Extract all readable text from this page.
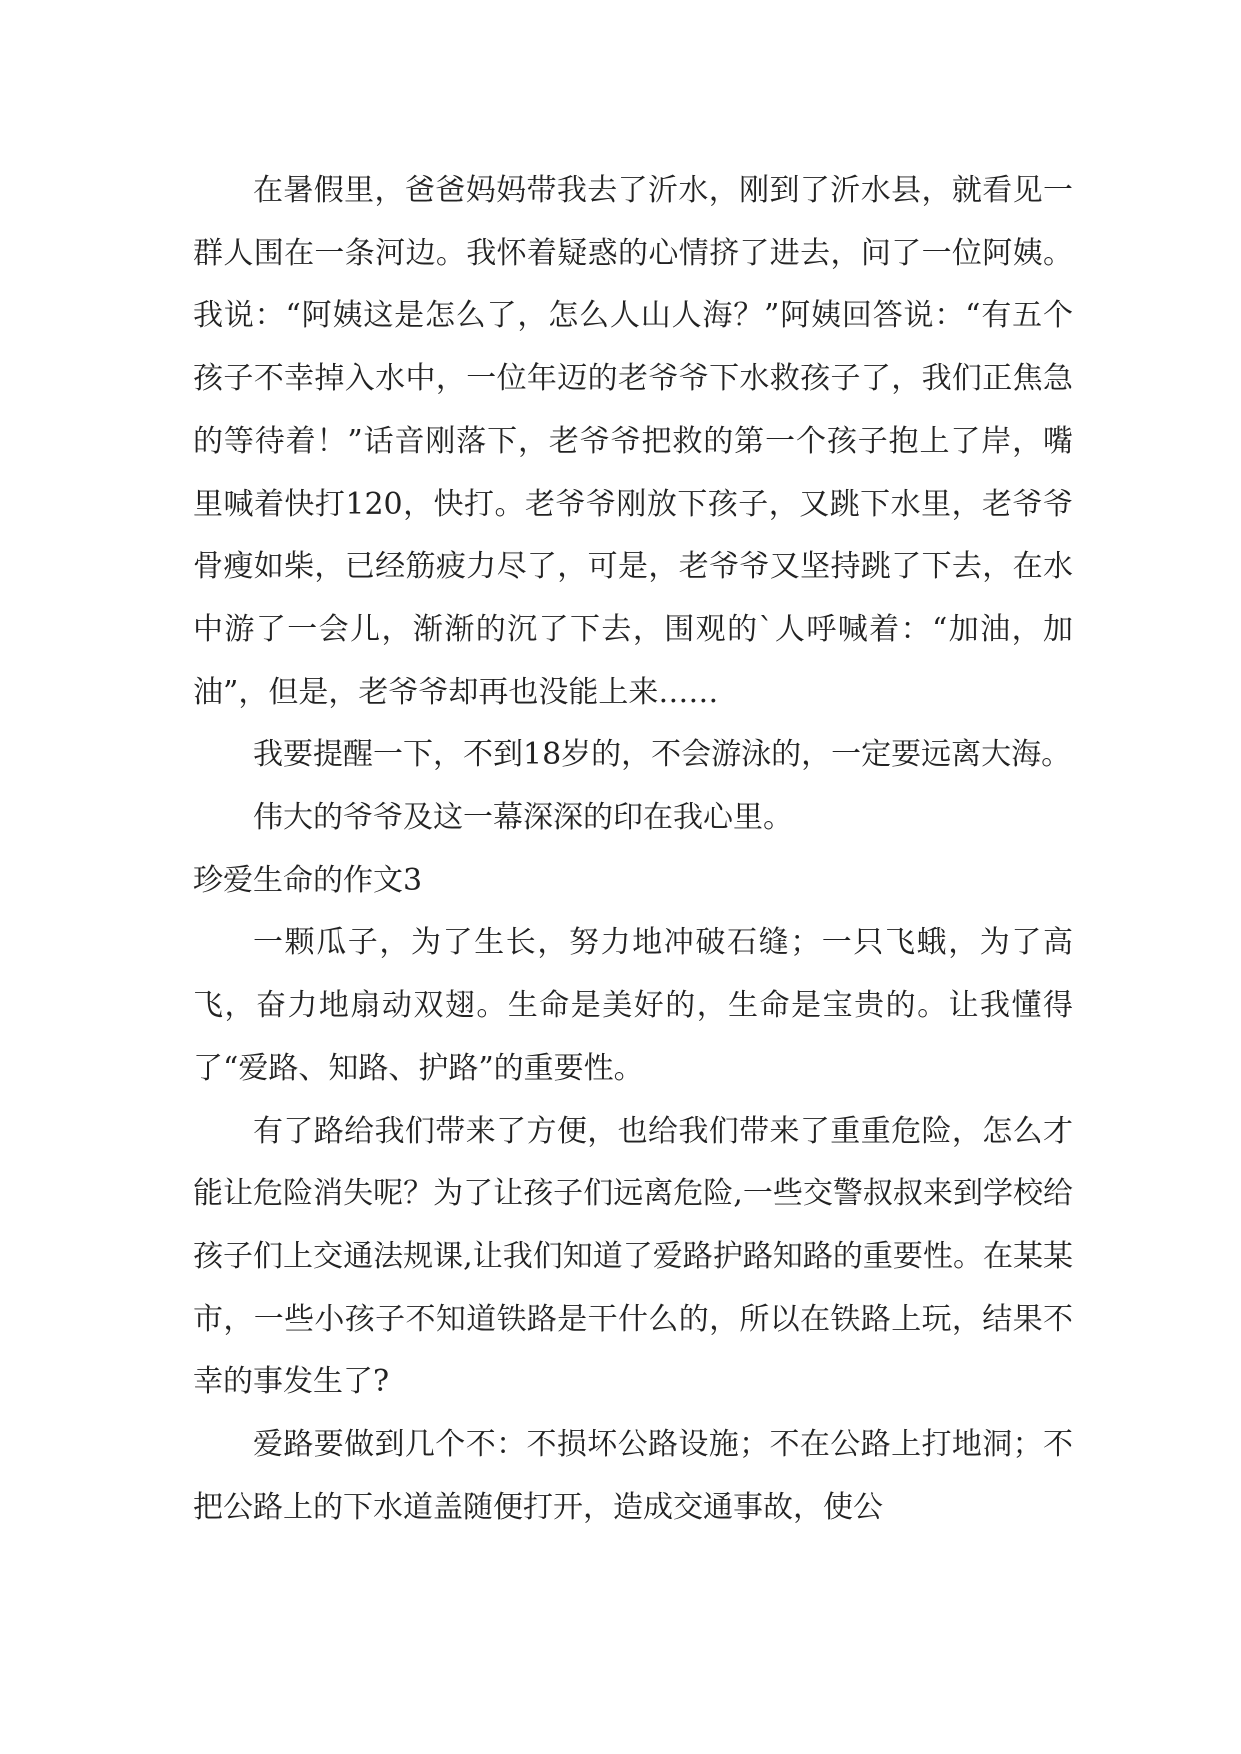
在暑假里，爸爸妈妈带我去了沂水，刚到了沂水县，就看见一群人围在一条河边。我怀着疑惑的心情挤了进去，问了一位阿姨。我说：“阿姨这是怎么了，怎么人山人海？”阿姨回答说：“有五个孩子不幸掉入水中，一位年迈的老爷爷下水救孩子了，我们正焦急的等待着！”话音刚落下，老爷爷把救的第一个孩子抱上了岸，嘴里喊着快打120，快打。老爷爷刚放下孩子，又跳下水里，老爷爷骨瘦如柴，已经筋疲力尽了，可是，老爷爷又坚持跳了下去，在水中游了一会儿，渐渐的沉了下去，围观的`人呼喊着：“加油，加油”，但是，老爷爷却再也没能上来……

我要提醒一下，不到18岁的，不会游泳的，一定要远离大海。

伟大的爷爷及这一幕深深的印在我心里。

珍爱生命的作文3

一颗瓜子，为了生长，努力地冲破石缝；一只飞蛾，为了高飞，奋力地扇动双翅。生命是美好的，生命是宝贵的。让我懂得了“爱路、知路、护路”的重要性。

有了路给我们带来了方便，也给我们带来了重重危险，怎么才能让危险消失呢？为了让孩子们远离危险,一些交警叔叔来到学校给孩子们上交通法规课,让我们知道了爱路护路知路的重要性。在某某市，一些小孩子不知道铁路是干什么的，所以在铁路上玩，结果不幸的事发生了?

爱路要做到几个不：不损坏公路设施；不在公路上打地洞；不把公路上的下水道盖随便打开，造成交通事故，使公
